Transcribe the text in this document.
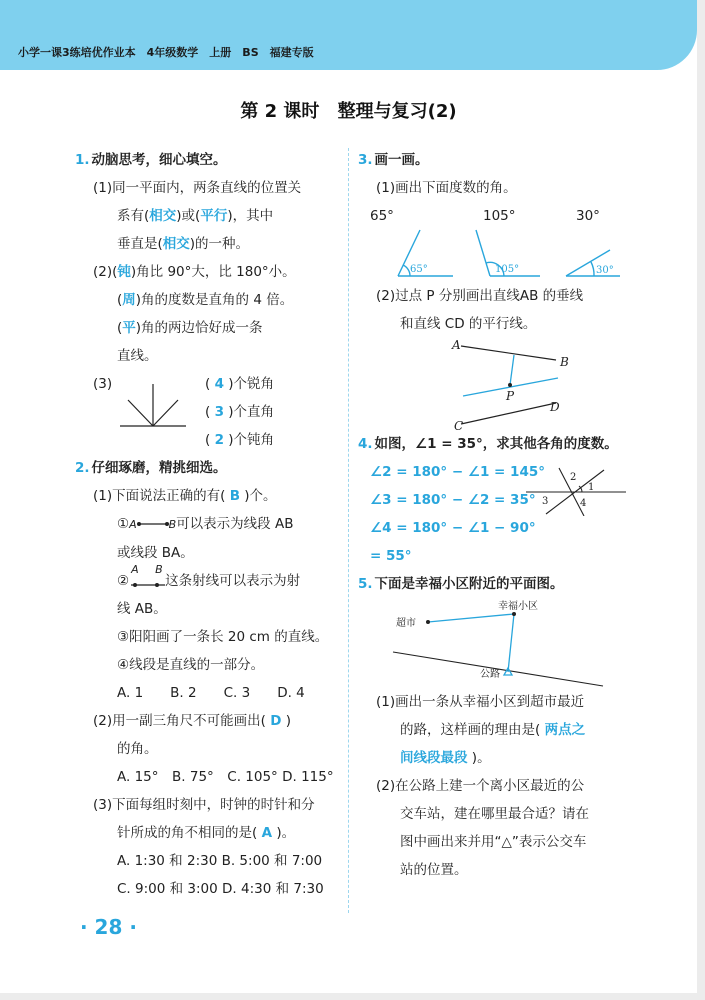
小学一课3练培优作业本　4年级数学　上册　BS　福建专版
第 2 课时 整理与复习(2)
1. 动脑思考，细心填空。
(1)同一平面内，两条直线的位置关
系有(相交)或(平行)，其中
垂直是(相交)的一种。
(2)(钝)角比 90°大，比 180°小。
(周)角的度数是直角的 4 倍。
(平)角的两边恰好成一条
直线。
(3)	( 4 )个锐角
( 3 )个直角
( 2 )个钝角
2. 仔细琢磨，精挑细选。
(1)下面说法正确的有( B )个。
①A	B可以表示为线段 AB
或线段 BA。
②
A B
这条射线可以表示为射
线 AB。
③阳阳画了一条长 20 cm 的直线。
④线段是直线的一部分。
A. 1　　B. 2　　C. 3　　D. 4
(2)用一副三角尺不可能画出( D )
的角。
A. 15°　B. 75°　C. 105° D. 115°
(3)下面每组时刻中，时钟的时针和分
针所成的角不相同的是( A )。
A. 1:30 和 2:30 B. 5:00 和 7:00
C. 9:00 和 3:00 D. 4:30 和 7:30
3. 画一画。
(1)画出下面度数的角。
65°	105°	30°
65°	105°	30°
(2)过点 P 分别画出直线AB 的垂线
和直线 CD 的平行线。
A
B
P
C
D
4. 如图，∠1 = 35°，求其他各角的度数。
∠2 = 180° − ∠1 = 145°
∠3 = 180° − ∠2 = 35°
∠4 = 180° − ∠1 − 90°
= 55°
1
2
3	4
5. 下面是幸福小区附近的平面图。
幸福小区
超市
公路
(1)画出一条从幸福小区到超市最近
的路，这样画的理由是( 两点之
间线段最段 )。
(2)在公路上建一个离小区最近的公
交车站，建在哪里最合适？请在
图中画出来并用“△”表示公交车
站的位置。
· 28 ·
